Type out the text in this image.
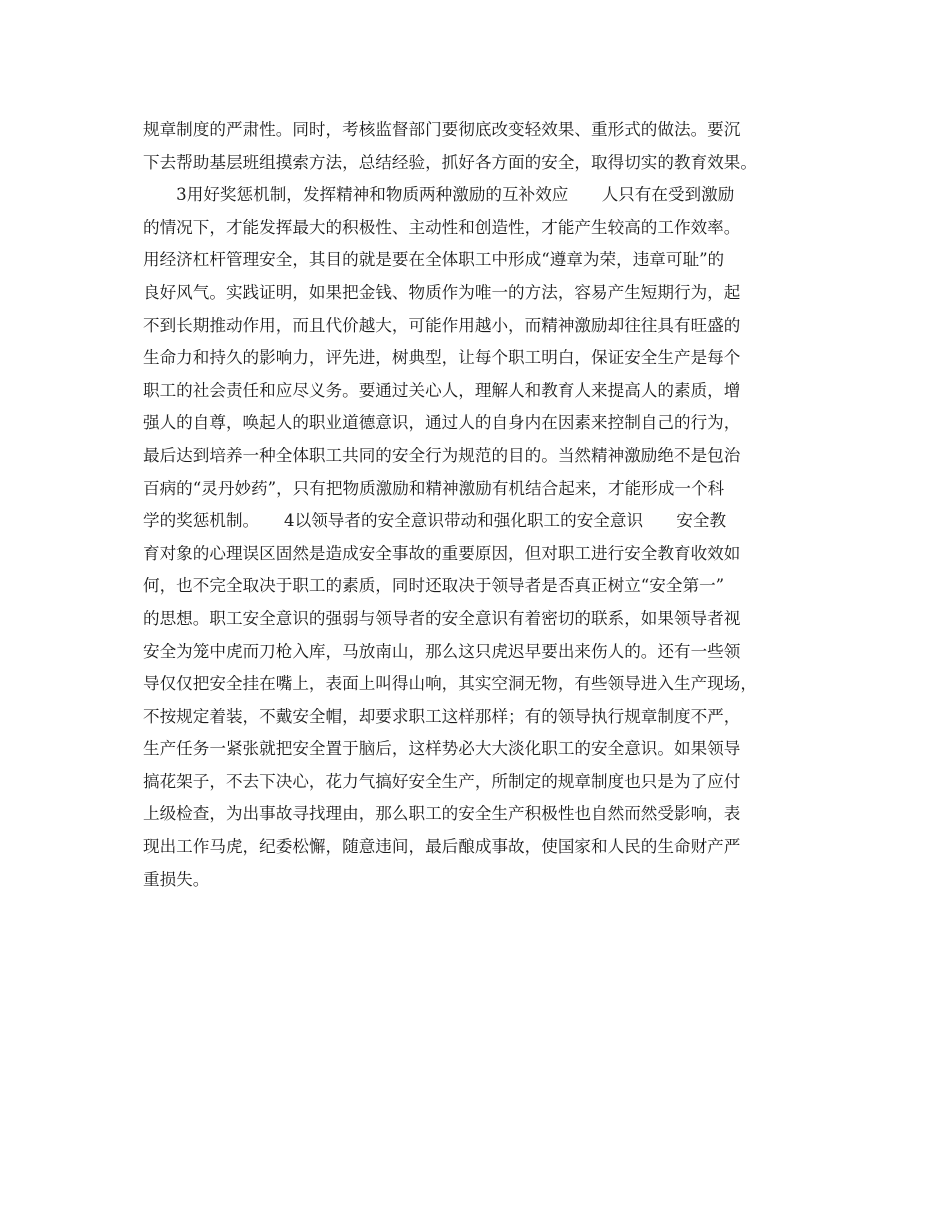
规章制度的严肃性。同时，考核监督部门要彻底改变轻效果、重形式的做法。要沉
下去帮助基层班组摸索方法，总结经验，抓好各方面的安全，取得切实的教育效果。
　　3用好奖惩机制，发挥精神和物质两种激励的互补效应　　人只有在受到激励
的情况下，才能发挥最大的积极性、主动性和创造性，才能产生较高的工作效率。
用经济杠杆管理安全，其目的就是要在全体职工中形成“遵章为荣，违章可耻”的
良好风气。实践证明，如果把金钱、物质作为唯一的方法，容易产生短期行为，起
不到长期推动作用，而且代价越大，可能作用越小，而精神激励却往往具有旺盛的
生命力和持久的影响力，评先进，树典型，让每个职工明白，保证安全生产是每个
职工的社会责任和应尽义务。要通过关心人，理解人和教育人来提高人的素质，增
强人的自尊，唤起人的职业道德意识，通过人的自身内在因素来控制自己的行为，
最后达到培养一种全体职工共同的安全行为规范的目的。当然精神激励绝不是包治
百病的“灵丹妙药”，只有把物质激励和精神激励有机结合起来，才能形成一个科
学的奖惩机制。　　4以领导者的安全意识带动和强化职工的安全意识　　安全教
育对象的心理误区固然是造成安全事故的重要原因，但对职工进行安全教育收效如
何，也不完全取决于职工的素质，同时还取决于领导者是否真正树立“安全第一”
的思想。职工安全意识的强弱与领导者的安全意识有着密切的联系，如果领导者视
安全为笼中虎而刀枪入库，马放南山，那么这只虎迟早要出来伤人的。还有一些领
导仅仅把安全挂在嘴上，表面上叫得山响，其实空洞无物，有些领导进入生产现场，
不按规定着装，不戴安全帽，却要求职工这样那样；有的领导执行规章制度不严，
生产任务一紧张就把安全置于脑后，这样势必大大淡化职工的安全意识。如果领导
搞花架子，不去下决心，花力气搞好安全生产，所制定的规章制度也只是为了应付
上级检查，为出事故寻找理由，那么职工的安全生产积极性也自然而然受影响，表
现出工作马虎，纪委松懈，随意违间，最后酿成事故，使国家和人民的生命财产严
重损失。
